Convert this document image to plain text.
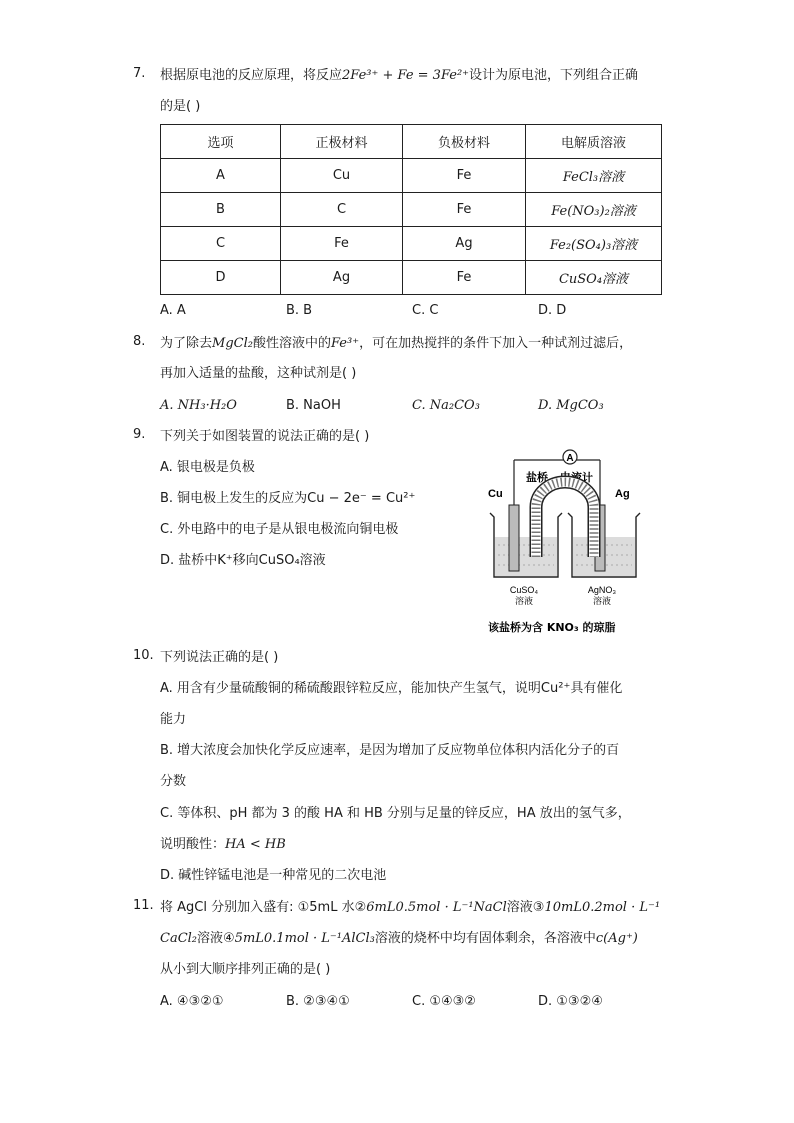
7. 根据原电池的反应原理，将反应2Fe³⁺ + Fe = 3Fe²⁺设计为原电池，下列组合正确
的是( )
选项	正极材料	负极材料	电解质溶液
A	Cu	Fe	FeCl₃溶液
B	C	Fe	Fe(NO₃)₂溶液
C	Fe	Ag	Fe₂(SO₄)₃溶液
D	Ag	Fe	CuSO₄溶液
A. A	B. B	C. C	D. D
8. 为了除去MgCl₂酸性溶液中的Fe³⁺，可在加热搅拌的条件下加入一种试剂过滤后，
再加入适量的盐酸，这种试剂是( )
A. NH₃·H₂O	B. NaOH	C. Na₂CO₃	D. MgCO₃
9. 下列关于如图装置的说法正确的是( )
A. 银电极是负极
B. 铜电极上发生的反应为Cu − 2e⁻ = Cu²⁺
C. 外电路中的电子是从银电极流向铜电极
D. 盐桥中K⁺移向CuSO₄溶液
A
盐桥 电流计
Cu	Ag
CuSO₄
溶液
AgNO₃
溶液
该盐桥为含 KNO₃ 的琼脂
10. 下列说法正确的是( )
A. 用含有少量硫酸铜的稀硫酸跟锌粒反应，能加快产生氢气，说明Cu²⁺具有催化
能力
B. 增大浓度会加快化学反应速率，是因为增加了反应物单位体积内活化分子的百
分数
C. 等体积、pH 都为 3 的酸 HA 和 HB 分别与足量的锌反应，HA 放出的氢气多，
说明酸性：HA < HB
D. 碱性锌锰电池是一种常见的二次电池
11. 将 AgCl 分别加入盛有: ①5mL 水②6mL0.5mol · L⁻¹NaCl溶液③10mL0.2mol · L⁻¹
CaCl₂溶液④5mL0.1mol · L⁻¹AlCl₃溶液的烧杯中均有固体剩余，各溶液中c(Ag⁺)
从小到大顺序排列正确的是( )
A. ④③②①	B. ②③④①	C. ①④③②	D. ①③②④
